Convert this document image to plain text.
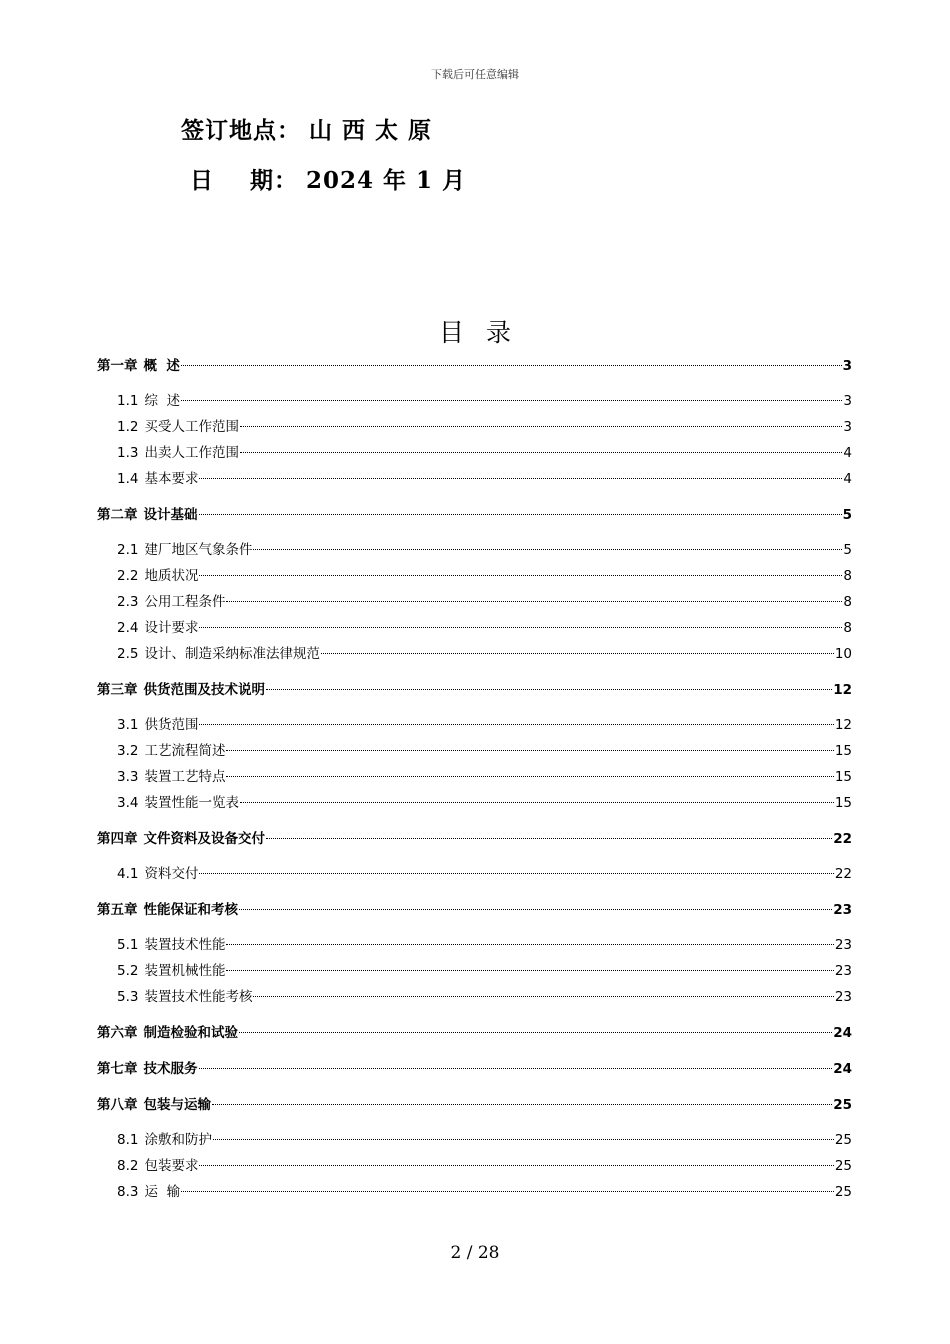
下载后可任意编辑
签订地点： 山 西 太 原
日    期： 2024 年 1 月
目录
第一章 概  述	3
1.1 综  述	3
1.2 买受人工作范围	3
1.3 出卖人工作范围	4
1.4 基本要求	4
第二章 设计基础	5
2.1 建厂地区气象条件	5
2.2 地质状况	8
2.3 公用工程条件	8
2.4 设计要求	8
2.5 设计、制造采纳标准法律规范	10
第三章 供货范围及技术说明	12
3.1 供货范围	12
3.2 工艺流程简述	15
3.3 装置工艺特点	15
3.4 装置性能一览表	15
第四章 文件资料及设备交付	22
4.1 资料交付	22
第五章 性能保证和考核	23
5.1 装置技术性能	23
5.2 装置机械性能	23
5.3 装置技术性能考核	23
第六章 制造检验和试验	24
第七章 技术服务	24
第八章 包装与运输	25
8.1 涂敷和防护	25
8.2 包装要求	25
8.3 运  输	25
2 / 28
